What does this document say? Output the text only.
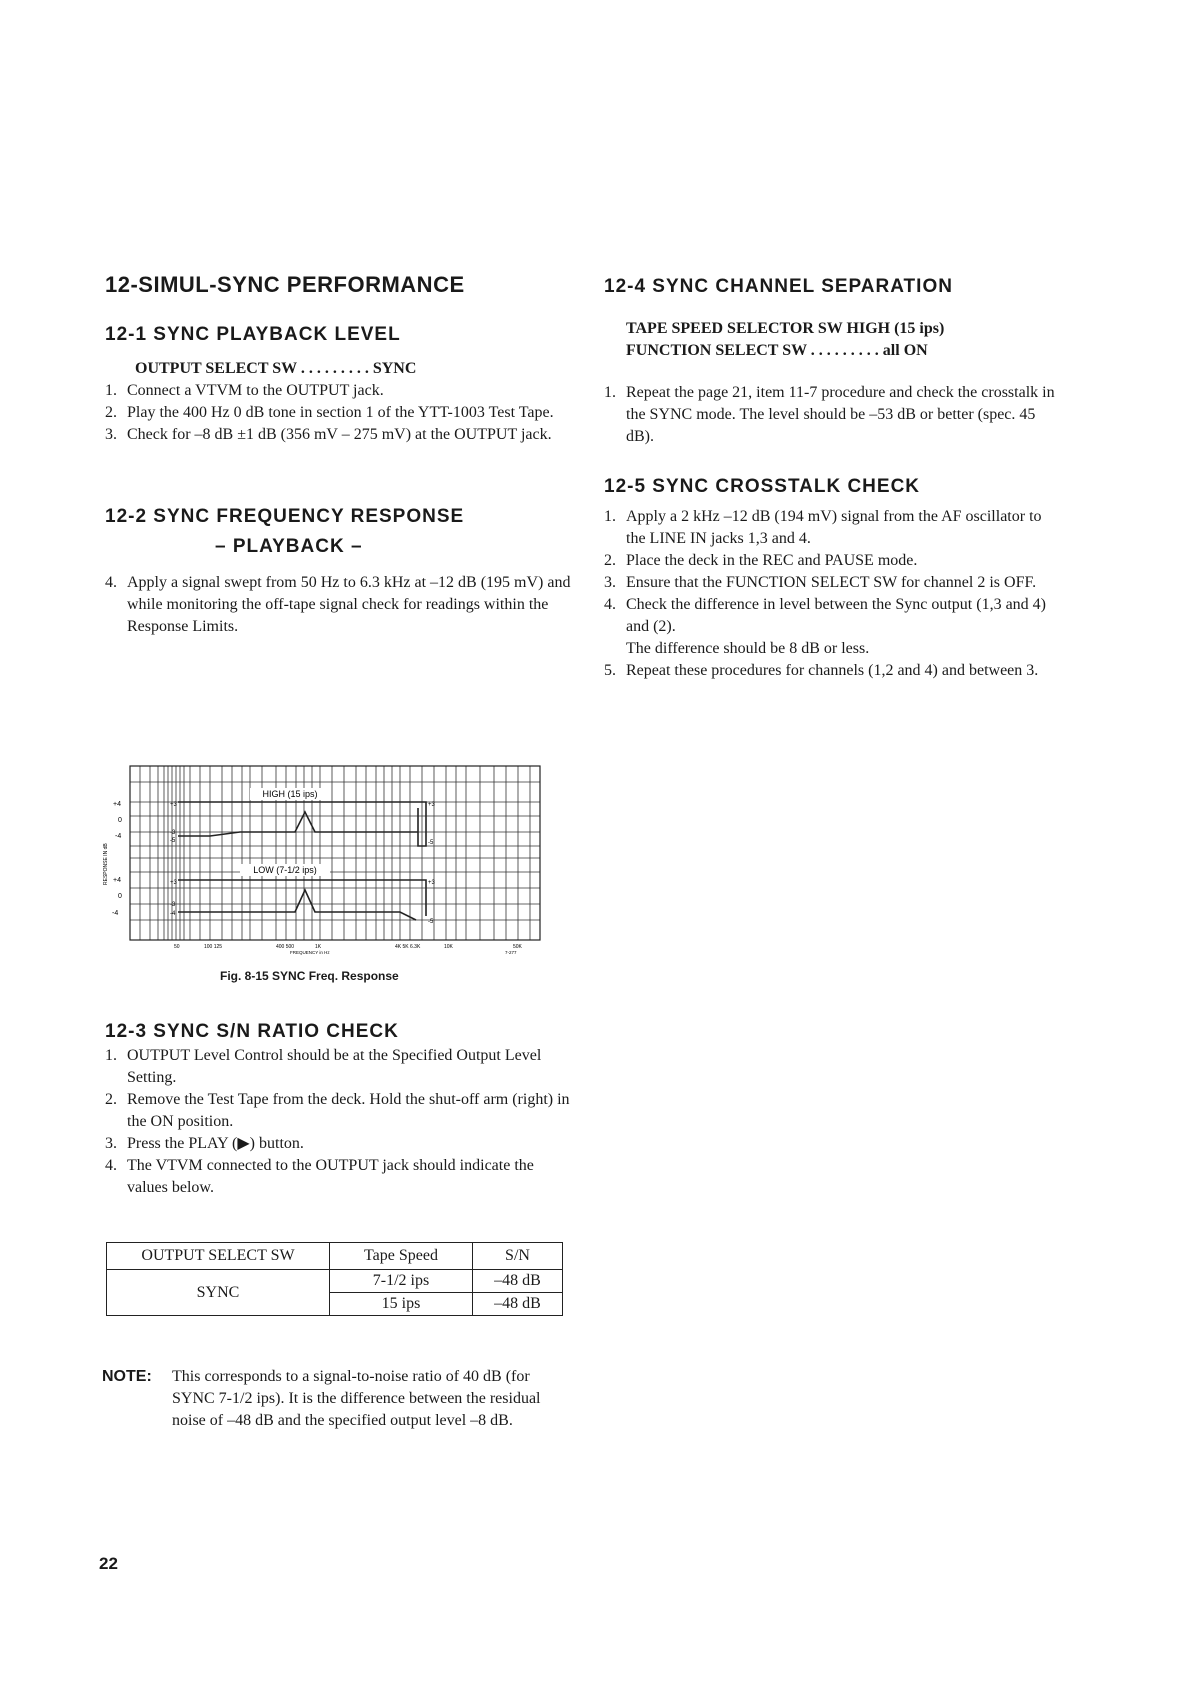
12-SIMUL-SYNC PERFORMANCE
12-1 SYNC PLAYBACK LEVEL
OUTPUT SELECT SW . . . . . . . . . SYNC
1. Connect a VTVM to the OUTPUT jack.
2. Play the 400 Hz 0 dB tone in section 1 of the YTT-1003 Test Tape.
3. Check for –8 dB ±1 dB (356 mV – 275 mV) at the OUTPUT jack.
12-2 SYNC FREQUENCY RESPONSE
– PLAYBACK –
4. Apply a signal swept from 50 Hz to 6.3 kHz at –12 dB (195 mV) and while monitoring the off-tape signal check for readings within the Response Limits.
HIGH (15 ips)
LOW (7-1/2 ips)
RESPONSE IN dB
+4
0
-4
+4
0
-4
+3
-3
-5
+3
-3
-4
+3
-5
+3
-5
50	100 125	400 500	1K	4K 5K 6.3K	10K	50K
FREQUENCY in Hz	7-277
Fig. 8-15 SYNC Freq. Response
12-3 SYNC S/N RATIO CHECK
1. OUTPUT Level Control should be at the Specified Output Level Setting.
2. Remove the Test Tape from the deck. Hold the shut-off arm (right) in the ON position.
3. Press the PLAY (▶) button.
4. The VTVM connected to the OUTPUT jack should indicate the values below.
OUTPUT SELECT SW	Tape Speed	S/N
SYNC	7-1/2 ips	–48 dB
	15 ips	–48 dB
NOTE: This corresponds to a signal-to-noise ratio of 40 dB (for SYNC 7-1/2 ips). It is the difference between the residual noise of –48 dB and the specified output level –8 dB.
12-4 SYNC CHANNEL SEPARATION
TAPE SPEED SELECTOR SW HIGH (15 ips)
FUNCTION SELECT SW . . . . . . . . . all ON
1. Repeat the page 21, item 11-7 procedure and check the crosstalk in the SYNC mode. The level should be –53 dB or better (spec. 45 dB).
12-5 SYNC CROSSTALK CHECK
1. Apply a 2 kHz –12 dB (194 mV) signal from the AF oscillator to the LINE IN jacks 1,3 and 4.
2. Place the deck in the REC and PAUSE mode.
3. Ensure that the FUNCTION SELECT SW for channel 2 is OFF.
4. Check the difference in level between the Sync output (1,3 and 4) and (2).
The difference should be 8 dB or less.
5. Repeat these procedures for channels (1,2 and 4) and between 3.
22
